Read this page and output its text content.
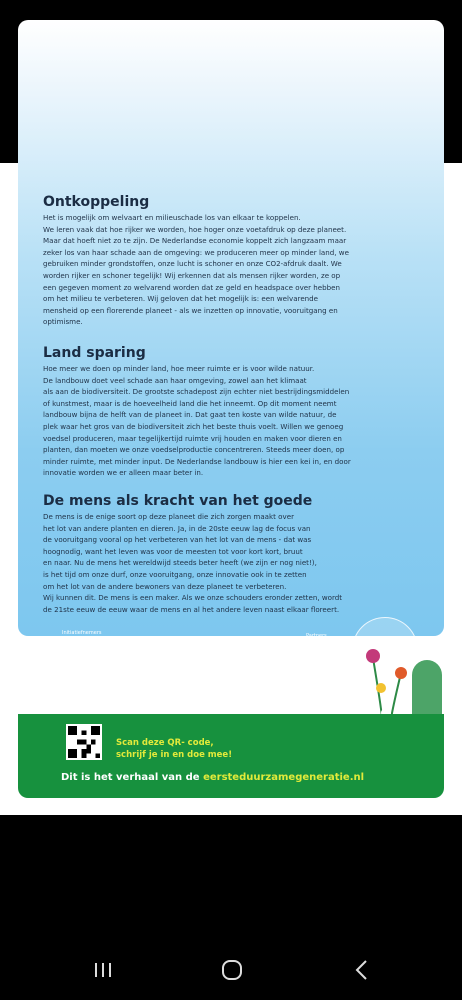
Ontkoppeling

Het is mogelijk om welvaart en milieuschade los van elkaar te koppelen.
We leren vaak dat hoe rijker we worden, hoe hoger onze voetafdruk op deze planeet.
Maar dat hoeft niet zo te zijn. De Nederlandse economie koppelt zich langzaam maar
zeker los van haar schade aan de omgeving: we produceren meer op minder land, we
gebruiken minder grondstoffen, onze lucht is schoner en onze CO2-afdruk daalt. We
worden rijker en schoner tegelijk! Wij erkennen dat als mensen rijker worden, ze op
een gegeven moment zo welvarend worden dat ze geld en headspace over hebben
om het milieu te verbeteren. Wij geloven dat het mogelijk is: een welvarende
mensheid op een florerende planeet - als we inzetten op innovatie, vooruitgang en
optimisme.

Land sparing

Hoe meer we doen op minder land, hoe meer ruimte er is voor wilde natuur.
De landbouw doet veel schade aan haar omgeving, zowel aan het klimaat
als aan de biodiversiteit. De grootste schadepost zijn echter niet bestrijdingsmiddelen
of kunstmest, maar is de hoeveelheid land die het inneemt. Op dit moment neemt
landbouw bijna de helft van de planeet in. Dat gaat ten koste van wilde natuur, de
plek waar het gros van de biodiversiteit zich het beste thuis voelt. Willen we genoeg
voedsel produceren, maar tegelijkertijd ruimte vrij houden en maken voor dieren en
planten, dan moeten we onze voedselproductie concentreren. Steeds meer doen, op
minder ruimte, met minder input. De Nederlandse landbouw is hier een kei in, en door
innovatie worden we er alleen maar beter in.

De mens als kracht van het goede

De mens is de enige soort op deze planeet die zich zorgen maakt over
het lot van andere planten en dieren. Ja, in de 20ste eeuw lag de focus van
de vooruitgang vooral op het verbeteren van het lot van de mens - dat was
hoognodig, want het leven was voor de meesten tot voor kort kort, bruut
en naar. Nu de mens het wereldwijd steeds beter heeft (we zijn er nog niet!),
is het tijd om onze durf, onze vooruitgang, onze innovatie ook in te zetten
om het lot van de andere bewoners van deze planeet te verbeteren.
Wij kunnen dit. De mens is een maker. Als we onze schouders eronder zetten, wordt
de 21ste eeuw de eeuw waar de mens en al het andere leven naast elkaar floreert.

Initiatiefnemers	Partners
Harvest House
wePlanet	oerthon ridder
VISCON GROUP	hoogendoorn
PVO
Scan deze QR- code,
schrijf je in en doe mee!
Dit is het verhaal van de eersteduurzamegeneratie.nl
